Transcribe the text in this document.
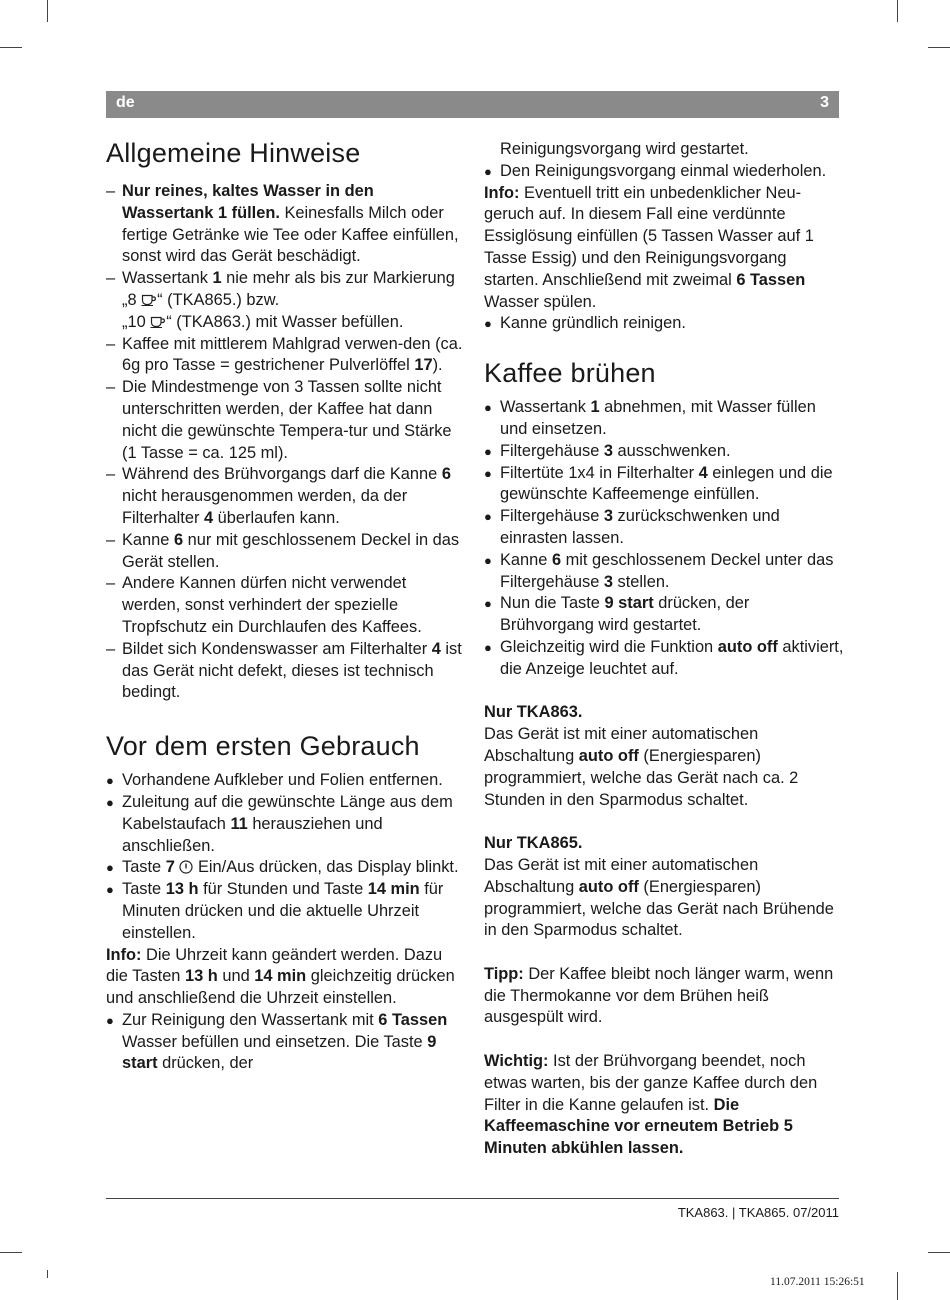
de	3
Allgemeine Hinweise
– Nur reines, kaltes Wasser in den Wassertank 1 füllen. Keinesfalls Milch oder fertige Getränke wie Tee oder Kaffee einfüllen, sonst wird das Gerät beschädigt.
– Wassertank 1 nie mehr als bis zur Markierung „8 “ (TKA865.) bzw.
„10 “ (TKA863.) mit Wasser befüllen.
– Kaffee mit mittlerem Mahlgrad verwen-den (ca. 6g pro Tasse = gestrichener Pulverlöffel 17).
– Die Mindestmenge von 3 Tassen sollte nicht unterschritten werden, der Kaffee hat dann nicht die gewünschte Tempera-tur und Stärke (1 Tasse = ca. 125 ml).
– Während des Brühvorgangs darf die Kanne 6 nicht herausgenommen werden, da der Filterhalter 4 überlaufen kann.
– Kanne 6 nur mit geschlossenem Deckel in das Gerät stellen.
– Andere Kannen dürfen nicht verwendet werden, sonst verhindert der spezielle Tropfschutz ein Durchlaufen des Kaffees.
– Bildet sich Kondenswasser am Filterhalter 4 ist das Gerät nicht defekt, dieses ist technisch bedingt.
Vor dem ersten Gebrauch
● Vorhandene Aufkleber und Folien entfernen.
● Zuleitung auf die gewünschte Länge aus dem Kabelstaufach 11 herausziehen und anschließen.
● Taste 7  Ein/Aus drücken, das Display blinkt.
● Taste 13 h für Stunden und Taste 14 min für Minuten drücken und die aktuelle Uhrzeit einstellen.
Info: Die Uhrzeit kann geändert werden. Dazu die Tasten 13 h und 14 min gleichzeitig drücken und anschließend die Uhrzeit einstellen.
● Zur Reinigung den Wassertank mit 6 Tassen Wasser befüllen und einsetzen. Die Taste 9 start drücken, der
Reinigungsvorgang wird gestartet.
● Den Reinigungsvorgang einmal wiederholen.
Info: Eventuell tritt ein unbedenklicher Neu-geruch auf. In diesem Fall eine verdünnte Essiglösung einfüllen (5 Tassen Wasser auf 1 Tasse Essig) und den Reinigungsvorgang starten. Anschließend mit zweimal 6 Tassen Wasser spülen.
● Kanne gründlich reinigen.
Kaffee brühen
● Wassertank 1 abnehmen, mit Wasser füllen und einsetzen.
● Filtergehäuse 3 ausschwenken.
● Filtertüte 1x4 in Filterhalter 4 einlegen und die gewünschte Kaffeemenge einfüllen.
● Filtergehäuse 3 zurückschwenken und einrasten lassen.
● Kanne 6 mit geschlossenem Deckel unter das Filtergehäuse 3 stellen.
● Nun die Taste 9 start drücken, der Brühvorgang wird gestartet.
● Gleichzeitig wird die Funktion auto off aktiviert, die Anzeige leuchtet auf.
Nur TKA863.
Das Gerät ist mit einer automatischen Abschaltung auto off (Energiesparen) programmiert, welche das Gerät nach ca. 2 Stunden in den Sparmodus schaltet.
Nur TKA865.
Das Gerät ist mit einer automatischen Abschaltung auto off (Energiesparen) programmiert, welche das Gerät nach Brühende in den Sparmodus schaltet.
Tipp: Der Kaffee bleibt noch länger warm, wenn die Thermokanne vor dem Brühen heiß ausgespült wird.
Wichtig: Ist der Brühvorgang beendet, noch etwas warten, bis der ganze Kaffee durch den Filter in die Kanne gelaufen ist. Die Kaffeemaschine vor erneutem Betrieb 5 Minuten abkühlen lassen.
TKA863. | TKA865. 07/2011
11.07.2011 15:26:51
